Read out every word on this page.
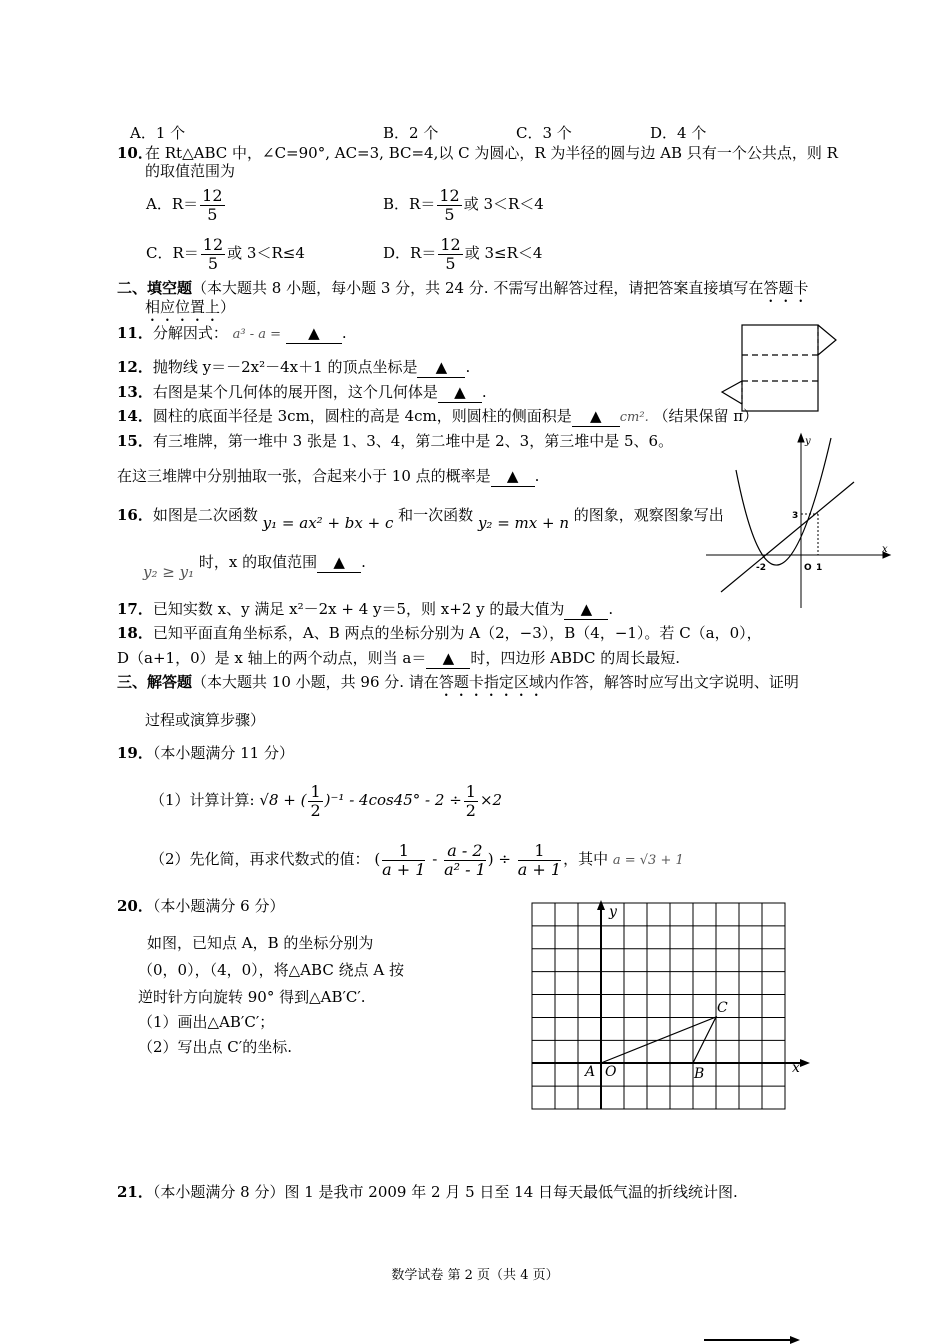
A．1 个	B．2 个	C．3 个	D．4 个
10．
在 Rt△ABC 中，∠C=90°, AC=3, BC=4,以 C 为圆心，R 为半径的圆与边 AB 只有一个公共点，则 R
的取值范围为
A．$R= \frac{12}{5}$	B．$R= \frac{12}{5}$ 或 3＜R＜4
C．$R= \frac{12}{5}$ 或 3＜R≤4	D．$R= \frac{12}{5}$ 或 3≤R＜4
二、填空题（本大题共 8 小题，每小题 3 分，共 24 分. 不需写出解答过程，请把答案直接填写在答题卡
相应位置上）
11．分解因式： a³ - a = ▲ .
12．抛物线 y＝－2x²－4x＋1 的顶点坐标是 ▲ .
13．右图是某个几何体的展开图，这个几何体是 ▲ .
14．圆柱的底面半径是 3cm，圆柱的高是 4cm，则圆柱的侧面积是 ▲ cm². （结果保留 π）
15．有三堆牌，第一堆中 3 张是 1、3、4，第二堆中是 2、3，第三堆中是 5、6。
在这三堆牌中分别抽取一张，合起来小于 10 点的概率是 ▲ .
16．如图是二次函数 y₁ = ax² + bx + c 和一次函数 y₂ = mx + n 的图象，观察图象写出
y₂ ≥ y₁ 时，x 的取值范围 ▲ .
17．已知实数 x、y 满足 x²－2x + 4 y＝5，则 x+2 y 的最大值为 ▲ .
18．已知平面直角坐标系，A、B 两点的坐标分别为 A（2，−3），B（4，−1）。若 C（a，0），
D（a+1，0）是 x 轴上的两个动点，则当 a＝ ▲ 时，四边形 ABDC 的周长最短.
三、解答题（本大题共 10 小题，共 96 分. 请在答题卡指定区域内作答，解答时应写出文字说明、证明
过程或演算步骤）
19．（本小题满分 11 分）
（1）计算计算: √8 + ( $\frac{1}{2} )^{-1} - 4\cos 45^\circ - 2 \div \frac{1}{2} \times 2$
（2）先化简，再求代数式的值： ( $\frac{1}{a + 1} - \frac{a - 2}{\text{a² - 1}}$ ) ÷ $\frac{1}{a + 1}$ ，其中 a = √3 + 1
20．（本小题满分 6 分）
如图，已知点 A，B 的坐标分别为
（0，0），（4，0），将△ABC 绕点 A 按
逆时针方向旋转 90° 得到△AB′C′.
（1）画出△AB′C′；
（2）写出点 C′的坐标.
21．（本小题满分 8 分）图 1 是我市 2009 年 2 月 5 日至 14 日每天最低气温的折线统计图.
数学试卷 第 2 页（共 4 页）
y
x
3
-2	O 1
y
x
A O	B
C
